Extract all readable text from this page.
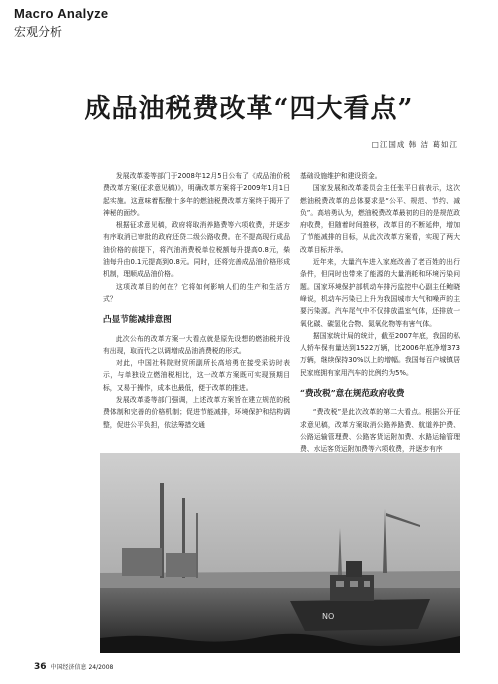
Macro Analyze
宏观分析
成品油税费改革“四大看点”
□江国成 韩 洁 葛如江

发展改革委等部门于2008年12月5日公布了《成品油价税费改革方案(征求意见稿)》，明确改革方案将于2009年1月1日起实施。这意味着酝酿十多年的燃油税费改革方案终于揭开了神秘的面纱。

根据征求意见稿，政府将取消养路费等六项收费，并逐步有序取消已审批的政府还贷二级公路收费。在不提高现行成品油价格的前提下，将汽油消费税单位税额每升提高0.8元，柴油每升由0.1元提高到0.8元。同时，还将完善成品油价格形成机制，理顺成品油价格。

这项改革目的何在？它将如何影响人们的生产和生活方式？

凸显节能减排意图

此次公布的改革方案一大看点就是原先设想的燃油税并没有出现，取而代之以调增成品油消费税的形式。

对此，中国社科院财贸所副所长高培勇在接受采访时表示，与单独设立燃油税相比，这一改革方案既可实现预期目标，又易于操作，成本也最低，便于改革的推进。

发展改革委等部门强调，上述改革方案旨在建立规范的税费体制和完善的价格机制；促进节能减排，环境保护和结构调整，促进公平负担，依法筹措交通

基础设施维护和建设资金。

国家发展和改革委员会主任张平日前表示，这次燃油税费改革的总体要求是“公平、规范、节约、减负”。高培勇认为，燃油税费改革最初的目的是规范政府收费，但随着时间推移，改革目的不断延伸，增加了节能减排的目标，从此次改革方案看，实现了两大改革目标并举。

近年来，大量汽车进入家庭改善了老百姓的出行条件，但同时也带来了能源的大量消耗和环境污染问题。国家环境保护部机动车排污监控中心副主任鲍晓峰说，机动车污染已上升为我国城市大气和噪声的主要污染源。汽车尾气中不仅排放温室气体，还排放一氧化碳、碳氢化合物、氮氧化物等有害气体。

据国家统计局的统计，截至2007年底，我国的私人轿车保有量达到1522万辆，比2006年底净增373万辆，继续保持30%以上的增幅。我国每百户城镇居民家庭拥有家用汽车的比例约为5%。

“费改税”意在规范政府收费

“费改税”是此次改革的第二大看点。根据公开征求意见稿，改革方案取消公路养路费、航道养护费、公路运输管理费、公路客货运附加费、水路运输管理费、水运客货运附加费等六项收费，并逐步有序

NO
36 中国经济信息 24/2008
